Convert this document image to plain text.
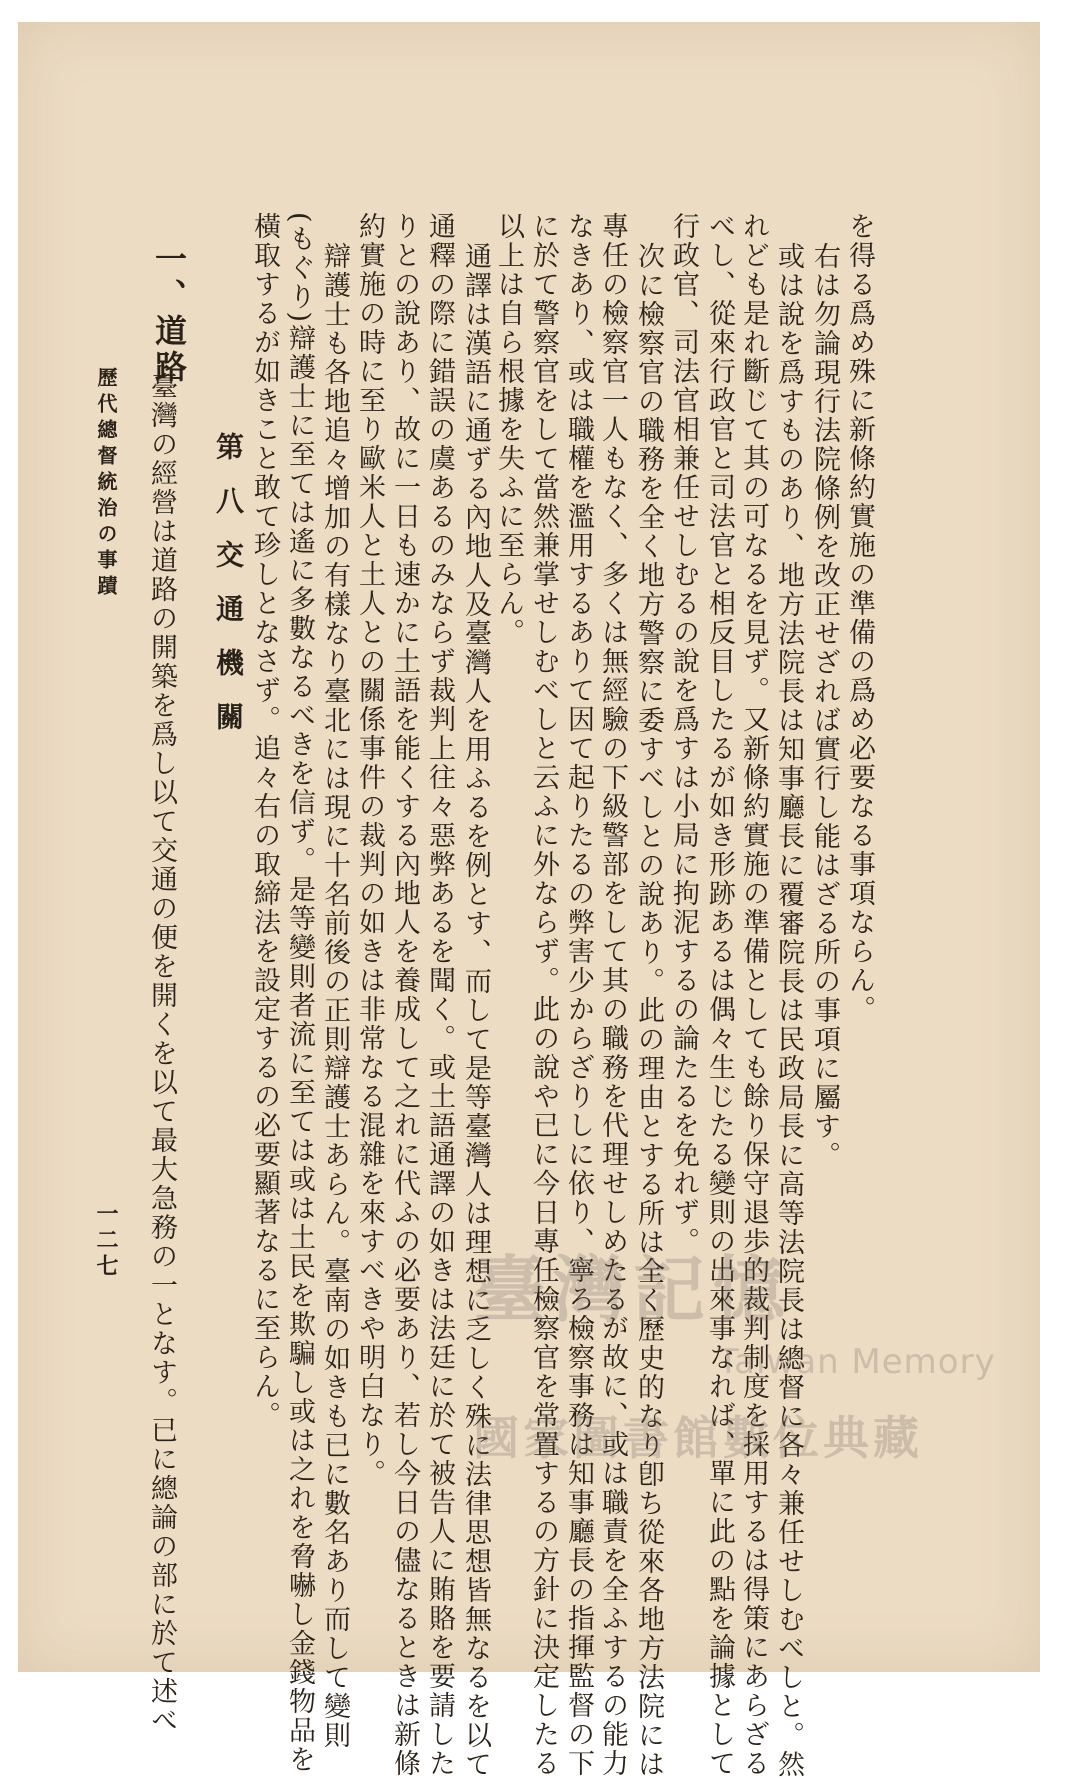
を得る爲め殊に新條約實施の準備の爲め必要なる事項ならん。
右は勿論現行法院條例を改正せざれば實行し能はざる所の事項に屬す。
或は說を爲すものあり、地方法院長は知事廳長に覆審院長は民政局長に高等法院長は總督に各々兼任せしむべしと。然
れども是れ斷じて其の可なるを見ず。又新條約實施の準備としても餘り保守退歩的裁判制度を採用するは得策にあらざる
べし、從來行政官と司法官と相反目したるが如き形跡あるは偶々生じたる變則の出來事なれば、單に此の點を論據として
行政官、司法官相兼任せしむるの說を爲すは小局に拘泥するの論たるを免れず。
次に檢察官の職務を全く地方警察に委すべしとの說あり。此の理由とする所は全く歷史的なり卽ち從來各地方法院には
專任の檢察官一人もなく、多くは無經驗の下級警部をして其の職務を代理せしめたるが故に、或は職責を全ふするの能力
なきあり、或は職權を濫用するありて因て起りたるの弊害少からざりしに依り、寧ろ檢察事務は知事廳長の指揮監督の下
に於て警察官をして當然兼掌せしむべしと云ふに外ならず。此の說や已に今日專任檢察官を常置するの方針に決定したる
以上は自ら根據を失ふに至らん。
通譯は漢語に通ずる內地人及臺灣人を用ふるを例とす、而して是等臺灣人は理想に乏しく殊に法律思想皆無なるを以て
通釋の際に錯誤の虞あるのみならず裁判上往々惡弊あるを聞く。或土語通譯の如きは法廷に於て被告人に賄賂を要請した
りとの說あり、故に一日も速かに土語を能くする內地人を養成して之れに代ふの必要あり、若し今日の儘なるときは新條
約實施の時に至り歐米人と土人との關係事件の裁判の如きは非常なる混雜を來すべきや明白なり。
辯護士も各地追々增加の有樣なり臺北には現に十名前後の正則辯護士あらん。臺南の如きも已に數名あり而して變則
(もぐり)辯護士に至ては遙に多數なるべきを信ず。是等變則者流に至ては或は土民を欺騙し或は之れを脅嚇し金錢物品を
橫取するが如きこと敢て珍しとなさず。追々右の取締法を設定するの必要顯著なるに至らん。
第八交通機關
一、道路
臺灣の經營は道路の開築を爲し以て交通の便を開くを以て最大急務の一となす。已に總論の部に於て述べ
歷代總督統治の事蹟
一二七
臺灣記憶
Taiwan Memory
國家圖書館數位典藏
